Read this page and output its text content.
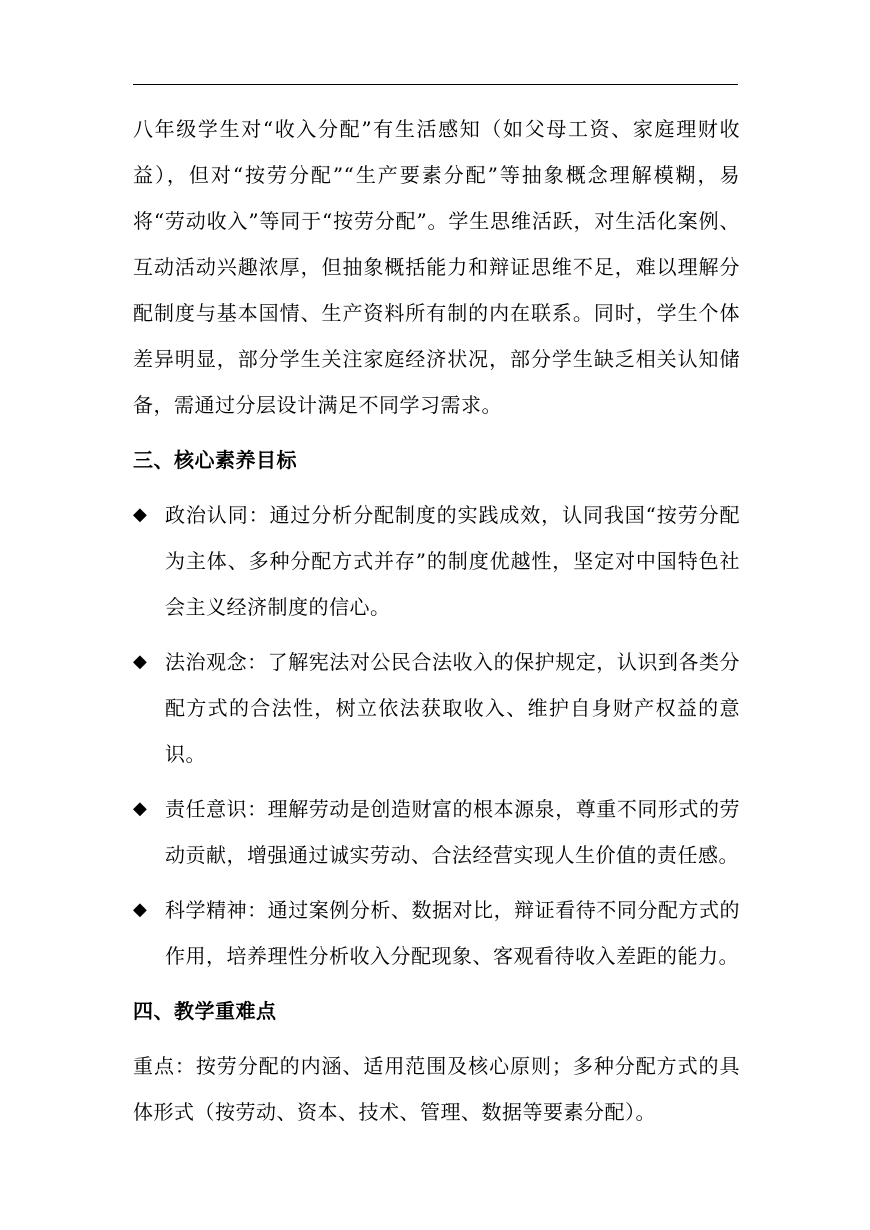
八年级学生对“收入分配”有生活感知（如父母工资、家庭理财收益），但对“按劳分配”“生产要素分配”等抽象概念理解模糊，易将“劳动收入”等同于“按劳分配”。学生思维活跃，对生活化案例、互动活动兴趣浓厚，但抽象概括能力和辩证思维不足，难以理解分配制度与基本国情、生产资料所有制的内在联系。同时，学生个体差异明显，部分学生关注家庭经济状况，部分学生缺乏相关认知储备，需通过分层设计满足不同学习需求。

三、核心素养目标
◆ 政治认同：通过分析分配制度的实践成效，认同我国“按劳分配为主体、多种分配方式并存”的制度优越性，坚定对中国特色社会主义经济制度的信心。
◆ 法治观念：了解宪法对公民合法收入的保护规定，认识到各类分配方式的合法性，树立依法获取收入、维护自身财产权益的意识。
◆ 责任意识：理解劳动是创造财富的根本源泉，尊重不同形式的劳动贡献，增强通过诚实劳动、合法经营实现人生价值的责任感。
◆ 科学精神：通过案例分析、数据对比，辩证看待不同分配方式的作用，培养理性分析收入分配现象、客观看待收入差距的能力。
四、教学重难点

重点：按劳分配的内涵、适用范围及核心原则；多种分配方式的具体形式（按劳动、资本、技术、管理、数据等要素分配）。
